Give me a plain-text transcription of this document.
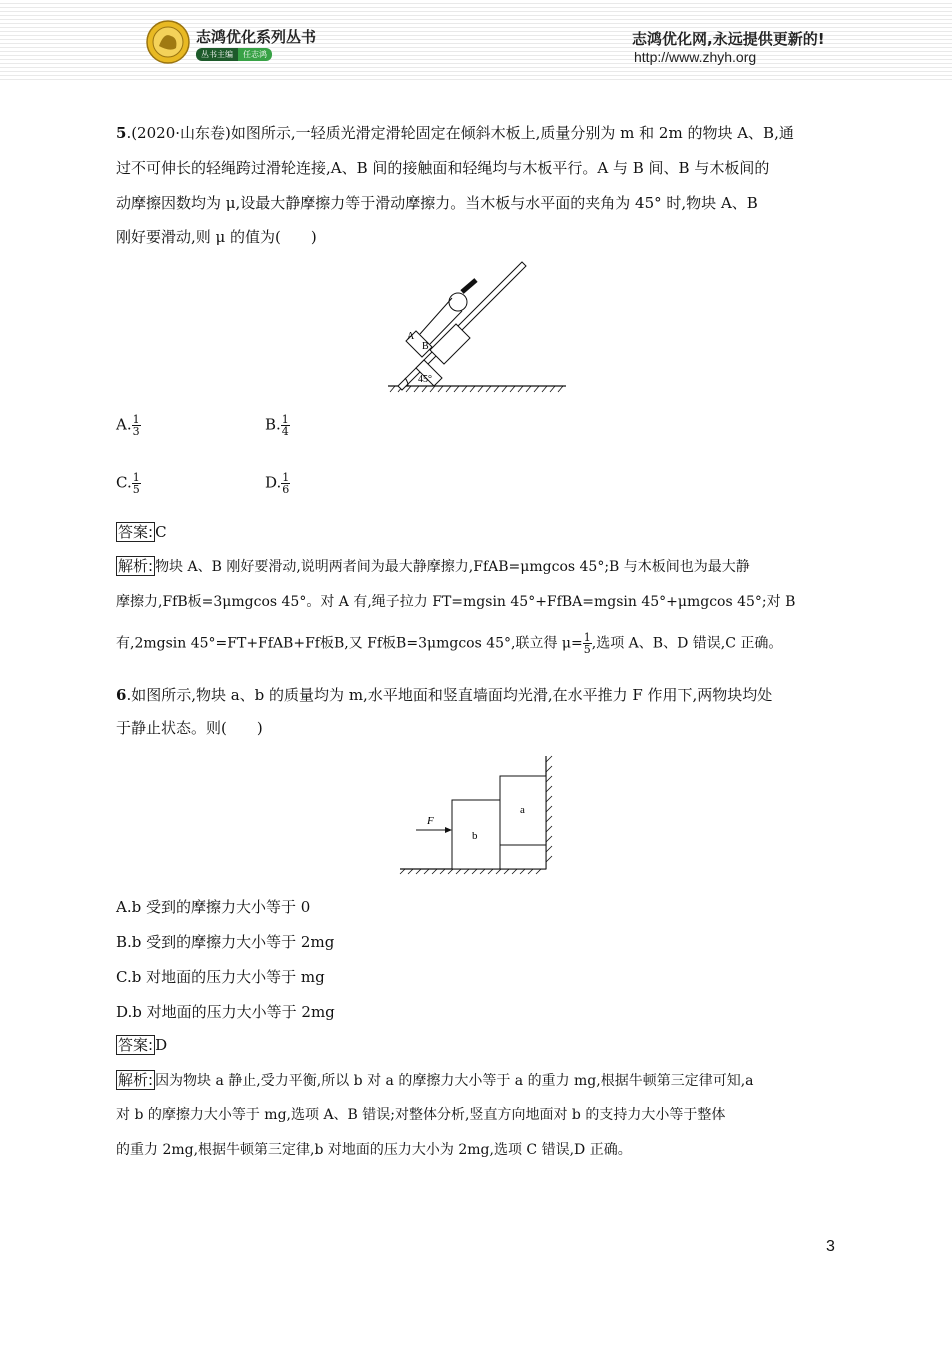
志鸿优化系列丛书
丛书主编	任志鸿
志鸿优化网,永远提供更新的!
http://www.zhyh.org
5.(2020·山东卷)如图所示,一轻质光滑定滑轮固定在倾斜木板上,质量分别为 m 和 2m 的物块 A、B,通
过不可伸长的轻绳跨过滑轮连接,A、B 间的接触面和轻绳均与木板平行。A 与 B 间、B 与木板间的
动摩擦因数均为 μ,设最大静摩擦力等于滑动摩擦力。当木板与水平面的夹角为 45° 时,物块 A、B
刚好要滑动,则 μ 的值为(　　)
A
B
45°
A. $\frac{1}{3}$	B. $\frac{1}{4}$
C. $\frac{1}{5}$	D. $\frac{1}{6}$
答案: C
解析: 物块 A、B 刚好要滑动,说明两者间为最大静摩擦力,FfAB=μmgcos 45°;B 与木板间也为最大静
摩擦力,FfB板=3μmgcos 45°。对 A 有,绳子拉力 FT=mgsin 45°+FfBA=mgsin 45°+μmgcos 45°;对 B
有,2mgsin 45°=FT+FfAB+Ff板B,又 Ff板B=3μmgcos 45°,联立得 $\mu= \frac{1}{5}$ ,选项 A、B、D 错误,C 正确。
6.如图所示,物块 a、b 的质量均为 m,水平地面和竖直墙面均光滑,在水平推力 F 作用下,两物块均处
于静止状态。则(　　)
F
a
b
A.b 受到的摩擦力大小等于 0
B.b 受到的摩擦力大小等于 2mg
C.b 对地面的压力大小等于 mg
D.b 对地面的压力大小等于 2mg
答案: D
解析: 因为物块 a 静止,受力平衡,所以 b 对 a 的摩擦力大小等于 a 的重力 mg,根据牛顿第三定律可知,a
对 b 的摩擦力大小等于 mg,选项 A、B 错误;对整体分析,竖直方向地面对 b 的支持力大小等于整体
的重力 2mg,根据牛顿第三定律,b 对地面的压力大小为 2mg,选项 C 错误,D 正确。
3
